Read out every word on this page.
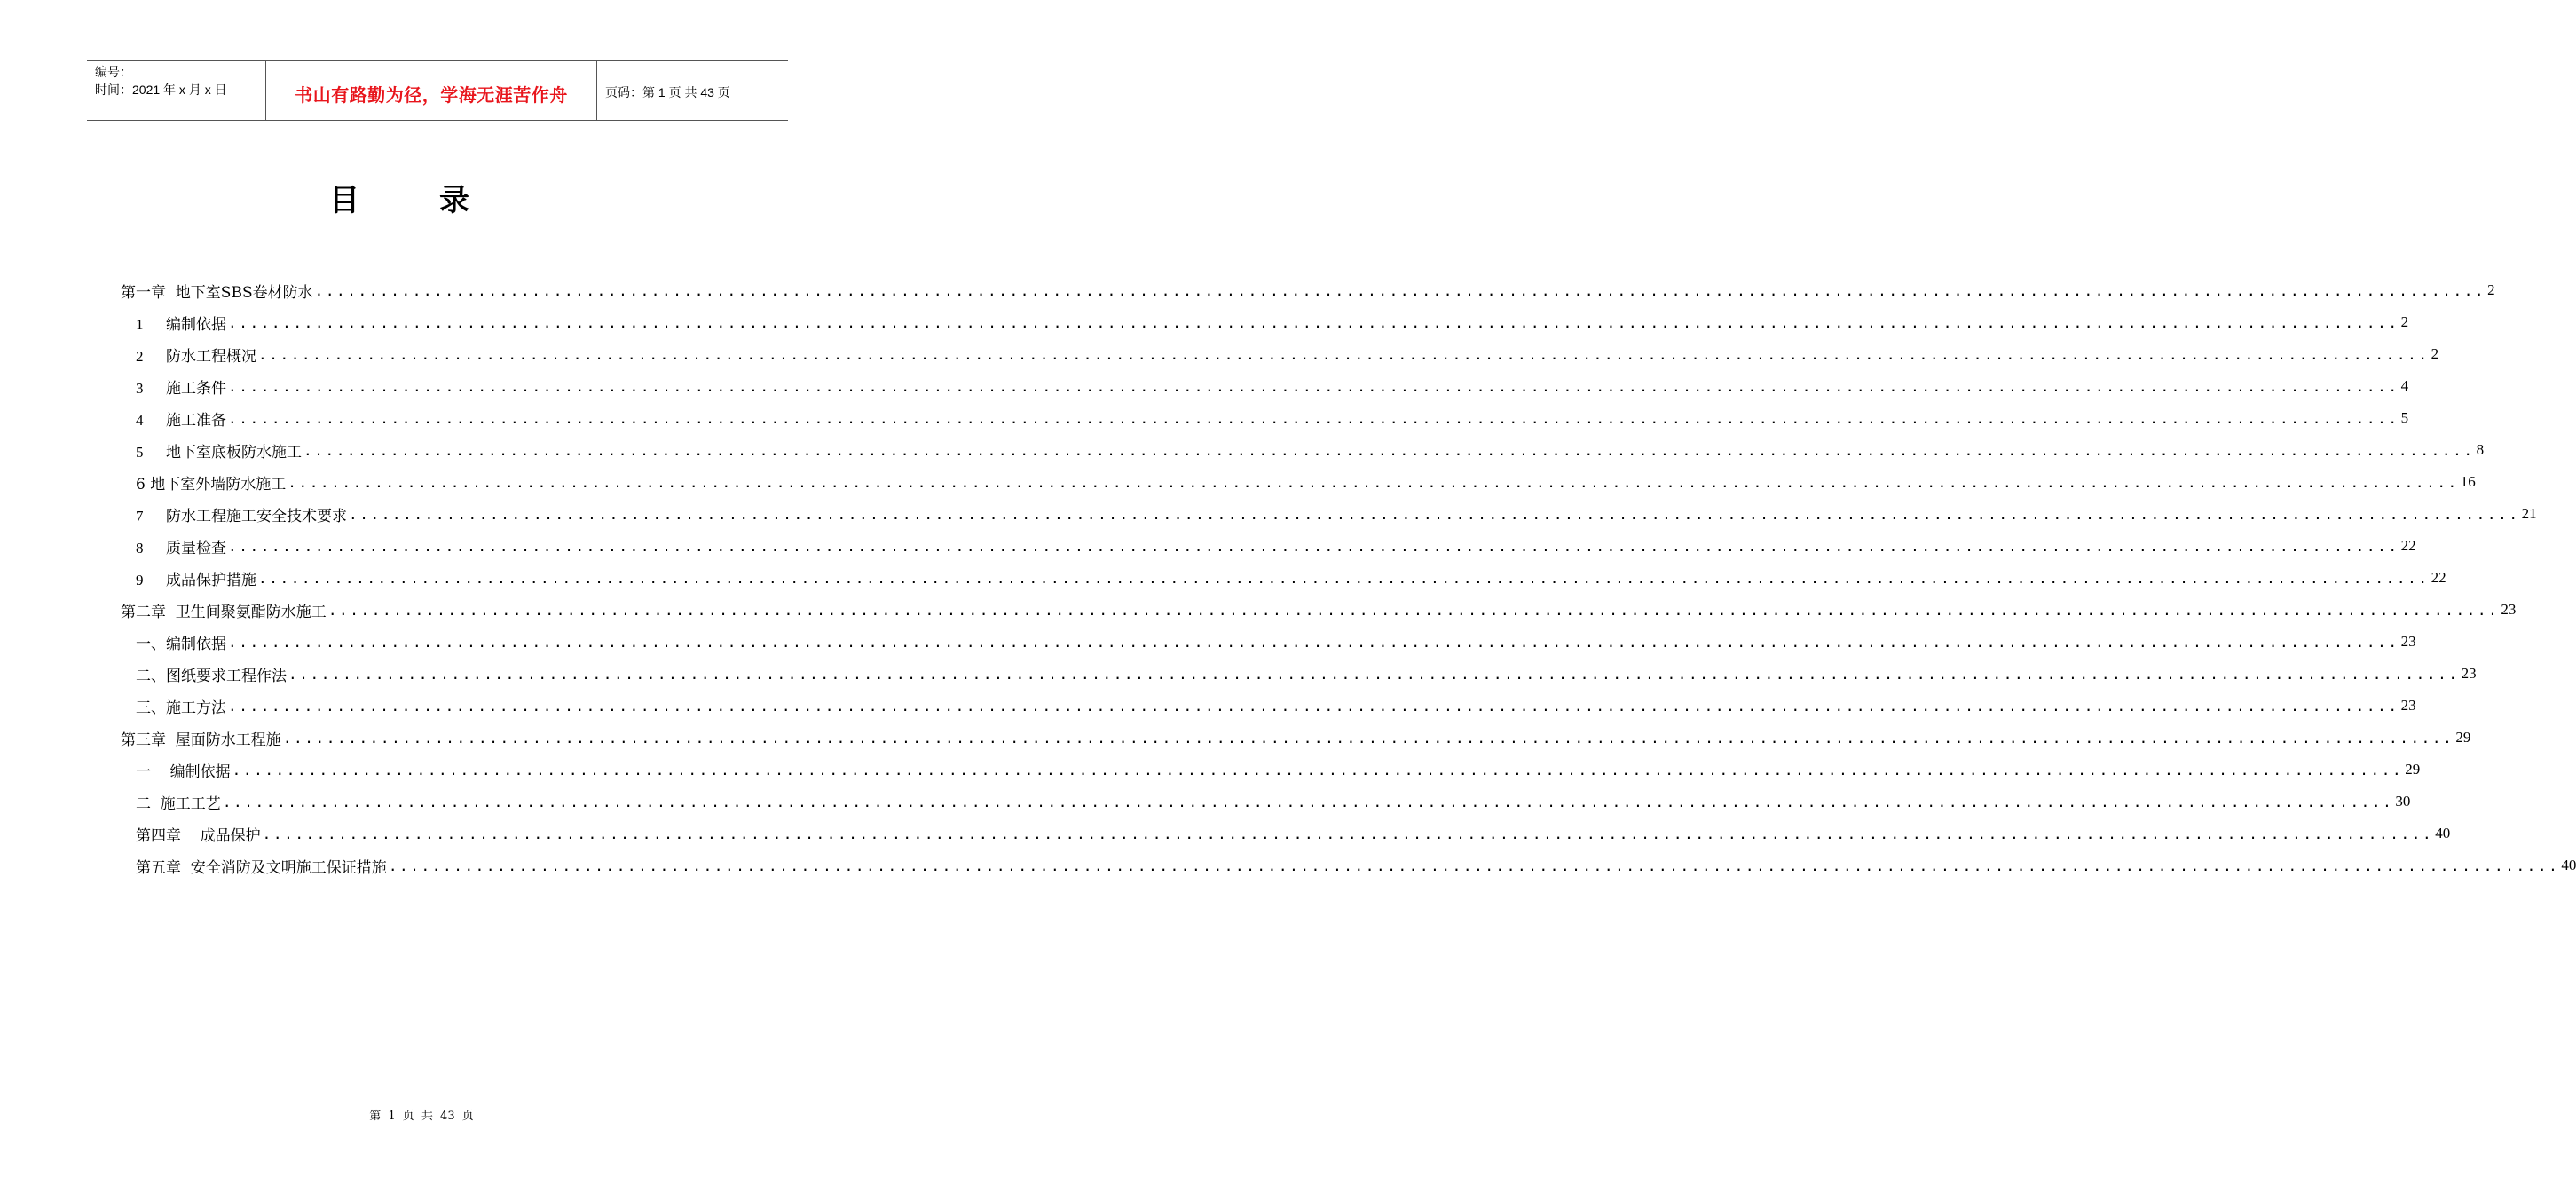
编号：
时间：2021 年 x 月 x 日	书山有路勤为径，学海无涯苦作舟	页码：第 1 页 共 43 页
目录
第一章  地下室SBS卷材防水 ........................................................................................................................................................................................................ 2
1	编制依据 ........................................................................................................................................................................................................ 2
2	防水工程概况 ........................................................................................................................................................................................................ 2
3	施工条件 ........................................................................................................................................................................................................ 4
4	施工准备 ........................................................................................................................................................................................................ 5
5	地下室底板防水施工 ........................................................................................................................................................................................................ 8
6 地下室外墙防水施工 ........................................................................................................................................................................................................ 16
7	防水工程施工安全技术要求 ........................................................................................................................................................................................................ 21
8	质量检查 ........................................................................................................................................................................................................ 22
9	成品保护措施 ........................................................................................................................................................................................................ 22
第二章  卫生间聚氨酯防水施工 ........................................................................................................................................................................................................ 23
一、编制依据 ........................................................................................................................................................................................................ 23
二、图纸要求工程作法 ........................................................................................................................................................................................................ 23
三、施工方法 ........................................................................................................................................................................................................ 23
第三章  屋面防水工程施 ........................................................................................................................................................................................................ 29
一    编制依据 ........................................................................................................................................................................................................ 29
二  施工工艺 ........................................................................................................................................................................................................ 30
第四章    成品保护 ........................................................................................................................................................................................................ 40
第五章  安全消防及文明施工保证措施 ........................................................................................................................................................................................................ 40
第 1 页 共 43 页
